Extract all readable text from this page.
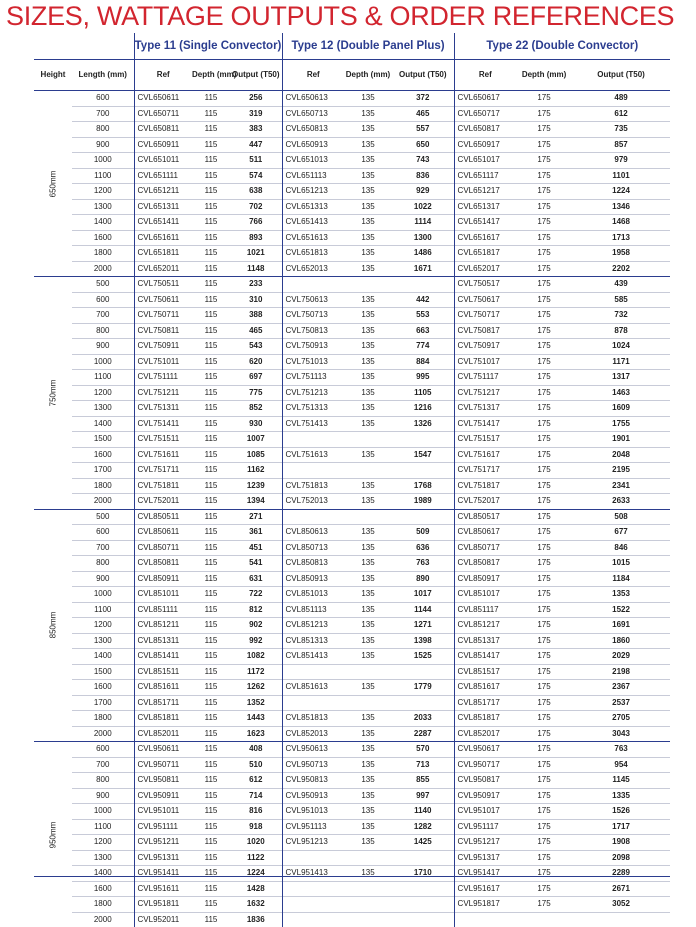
SIZES, WATTAGE OUTPUTS & ORDER REFERENCES
		Type 11 (Single Convector)			Type 12 (Double Panel Plus)			Type 22 (Double Convector)		
Height	Length (mm)	Ref	Depth (mm)	Output (T50)	Ref	Depth (mm)	Output (T50)	Ref	Depth (mm)	Output (T50)
650mm	600	CVL650611	115	256	CVL650613	135	372	CVL650617	175	489
	700	CVL650711	115	319	CVL650713	135	465	CVL650717	175	612
	800	CVL650811	115	383	CVL650813	135	557	CVL650817	175	735
	900	CVL650911	115	447	CVL650913	135	650	CVL650917	175	857
	1000	CVL651011	115	511	CVL651013	135	743	CVL651017	175	979
	1100	CVL651111	115	574	CVL651113	135	836	CVL651117	175	1101
	1200	CVL651211	115	638	CVL651213	135	929	CVL651217	175	1224
	1300	CVL651311	115	702	CVL651313	135	1022	CVL651317	175	1346
	1400	CVL651411	115	766	CVL651413	135	1114	CVL651417	175	1468
	1600	CVL651611	115	893	CVL651613	135	1300	CVL651617	175	1713
	1800	CVL651811	115	1021	CVL651813	135	1486	CVL651817	175	1958
	2000	CVL652011	115	1148	CVL652013	135	1671	CVL652017	175	2202
750mm	500	CVL750511	115	233				CVL750517	175	439
	600	CVL750611	115	310	CVL750613	135	442	CVL750617	175	585
	700	CVL750711	115	388	CVL750713	135	553	CVL750717	175	732
	800	CVL750811	115	465	CVL750813	135	663	CVL750817	175	878
	900	CVL750911	115	543	CVL750913	135	774	CVL750917	175	1024
	1000	CVL751011	115	620	CVL751013	135	884	CVL751017	175	1171
	1100	CVL751111	115	697	CVL751113	135	995	CVL751117	175	1317
	1200	CVL751211	115	775	CVL751213	135	1105	CVL751217	175	1463
	1300	CVL751311	115	852	CVL751313	135	1216	CVL751317	175	1609
	1400	CVL751411	115	930	CVL751413	135	1326	CVL751417	175	1755
	1500	CVL751511	115	1007				CVL751517	175	1901
	1600	CVL751611	115	1085	CVL751613	135	1547	CVL751617	175	2048
	1700	CVL751711	115	1162				CVL751717	175	2195
	1800	CVL751811	115	1239	CVL751813	135	1768	CVL751817	175	2341
	2000	CVL752011	115	1394	CVL752013	135	1989	CVL752017	175	2633
850mm	500	CVL850511	115	271				CVL850517	175	508
	600	CVL850611	115	361	CVL850613	135	509	CVL850617	175	677
	700	CVL850711	115	451	CVL850713	135	636	CVL850717	175	846
	800	CVL850811	115	541	CVL850813	135	763	CVL850817	175	1015
	900	CVL850911	115	631	CVL850913	135	890	CVL850917	175	1184
	1000	CVL851011	115	722	CVL851013	135	1017	CVL851017	175	1353
	1100	CVL851111	115	812	CVL851113	135	1144	CVL851117	175	1522
	1200	CVL851211	115	902	CVL851213	135	1271	CVL851217	175	1691
	1300	CVL851311	115	992	CVL851313	135	1398	CVL851317	175	1860
	1400	CVL851411	115	1082	CVL851413	135	1525	CVL851417	175	2029
	1500	CVL851511	115	1172				CVL851517	175	2198
	1600	CVL851611	115	1262	CVL851613	135	1779	CVL851617	175	2367
	1700	CVL851711	115	1352				CVL851717	175	2537
	1800	CVL851811	115	1443	CVL851813	135	2033	CVL851817	175	2705
	2000	CVL852011	115	1623	CVL852013	135	2287	CVL852017	175	3043
950mm	600	CVL950611	115	408	CVL950613	135	570	CVL950617	175	763
	700	CVL950711	115	510	CVL950713	135	713	CVL950717	175	954
	800	CVL950811	115	612	CVL950813	135	855	CVL950817	175	1145
	900	CVL950911	115	714	CVL950913	135	997	CVL950917	175	1335
	1000	CVL951011	115	816	CVL951013	135	1140	CVL951017	175	1526
	1100	CVL951111	115	918	CVL951113	135	1282	CVL951117	175	1717
	1200	CVL951211	115	1020	CVL951213	135	1425	CVL951217	175	1908
	1300	CVL951311	115	1122				CVL951317	175	2098
	1400	CVL951411	115	1224	CVL951413	135	1710	CVL951417	175	2289
	1600	CVL951611	115	1428				CVL951617	175	2671
	1800	CVL951811	115	1632				CVL951817	175	3052
	2000	CVL952011	115	1836						
